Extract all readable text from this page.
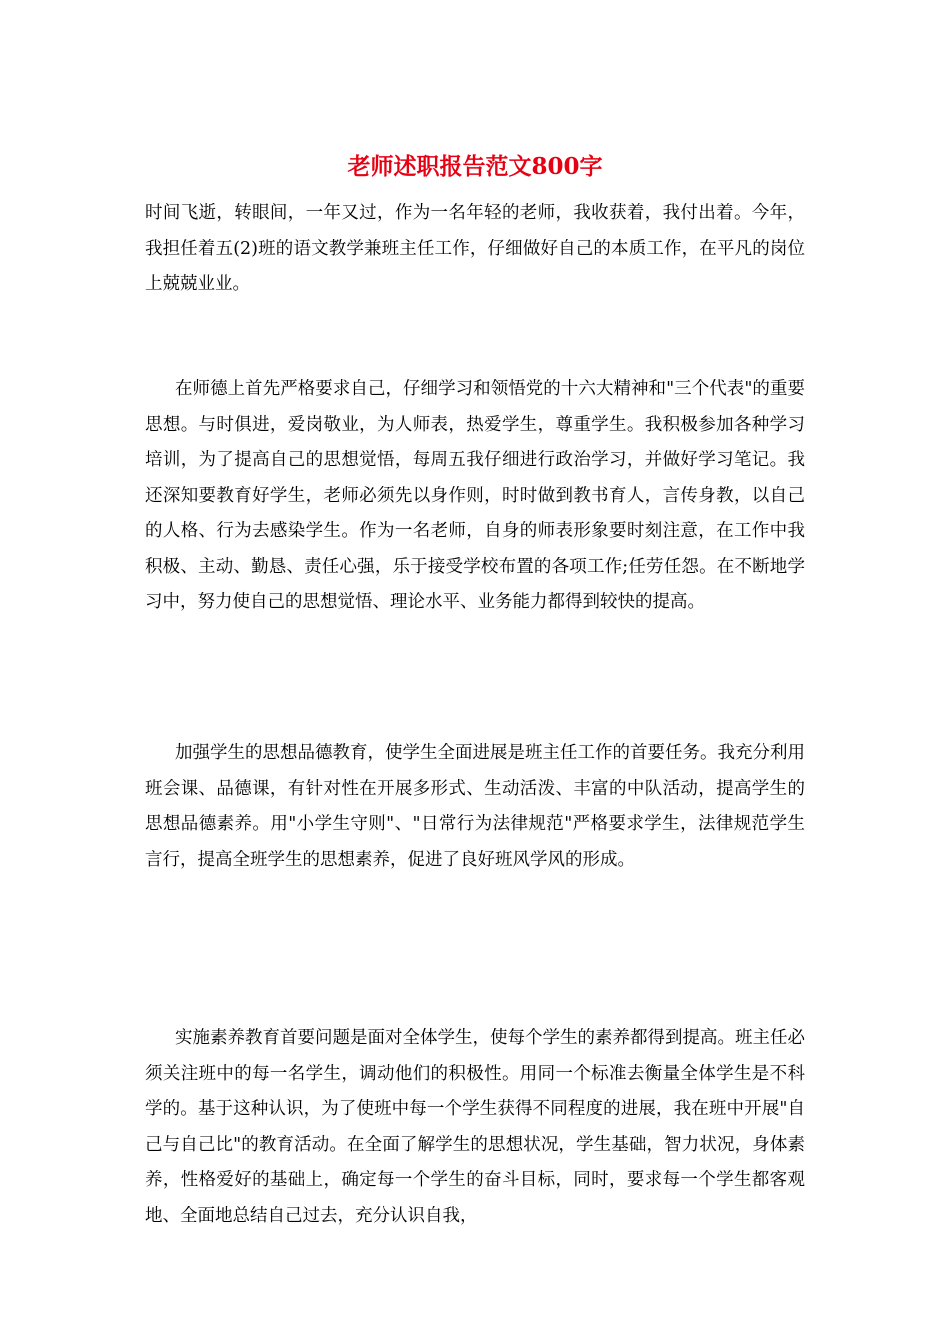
老师述职报告范文800字

时间飞逝，转眼间，一年又过，作为一名年轻的老师，我收获着，我付出着。今年，我担任着五(2)班的语文教学兼班主任工作，仔细做好自己的本质工作，在平凡的岗位上兢兢业业。

在师德上首先严格要求自己，仔细学习和领悟党的十六大精神和"三个代表"的重要思想。与时俱进，爱岗敬业，为人师表，热爱学生，尊重学生。我积极参加各种学习培训，为了提高自己的思想觉悟，每周五我仔细进行政治学习，并做好学习笔记。我还深知要教育好学生，老师必须先以身作则，时时做到教书育人，言传身教，以自己的人格、行为去感染学生。作为一名老师，自身的师表形象要时刻注意，在工作中我积极、主动、勤恳、责任心强，乐于接受学校布置的各项工作;任劳任怨。在不断地学习中，努力使自己的思想觉悟、理论水平、业务能力都得到较快的提高。

加强学生的思想品德教育，使学生全面进展是班主任工作的首要任务。我充分利用班会课、品德课，有针对性在开展多形式、生动活泼、丰富的中队活动，提高学生的思想品德素养。用"小学生守则"、"日常行为法律规范"严格要求学生，法律规范学生言行，提高全班学生的思想素养，促进了良好班风学风的形成。

实施素养教育首要问题是面对全体学生，使每个学生的素养都得到提高。班主任必须关注班中的每一名学生，调动他们的积极性。用同一个标准去衡量全体学生是不科学的。基于这种认识，为了使班中每一个学生获得不同程度的进展，我在班中开展"自己与自己比"的教育活动。在全面了解学生的思想状况，学生基础，智力状况，身体素养，性格爱好的基础上，确定每一个学生的奋斗目标，同时，要求每一个学生都客观地、全面地总结自己过去，充分认识自我，
